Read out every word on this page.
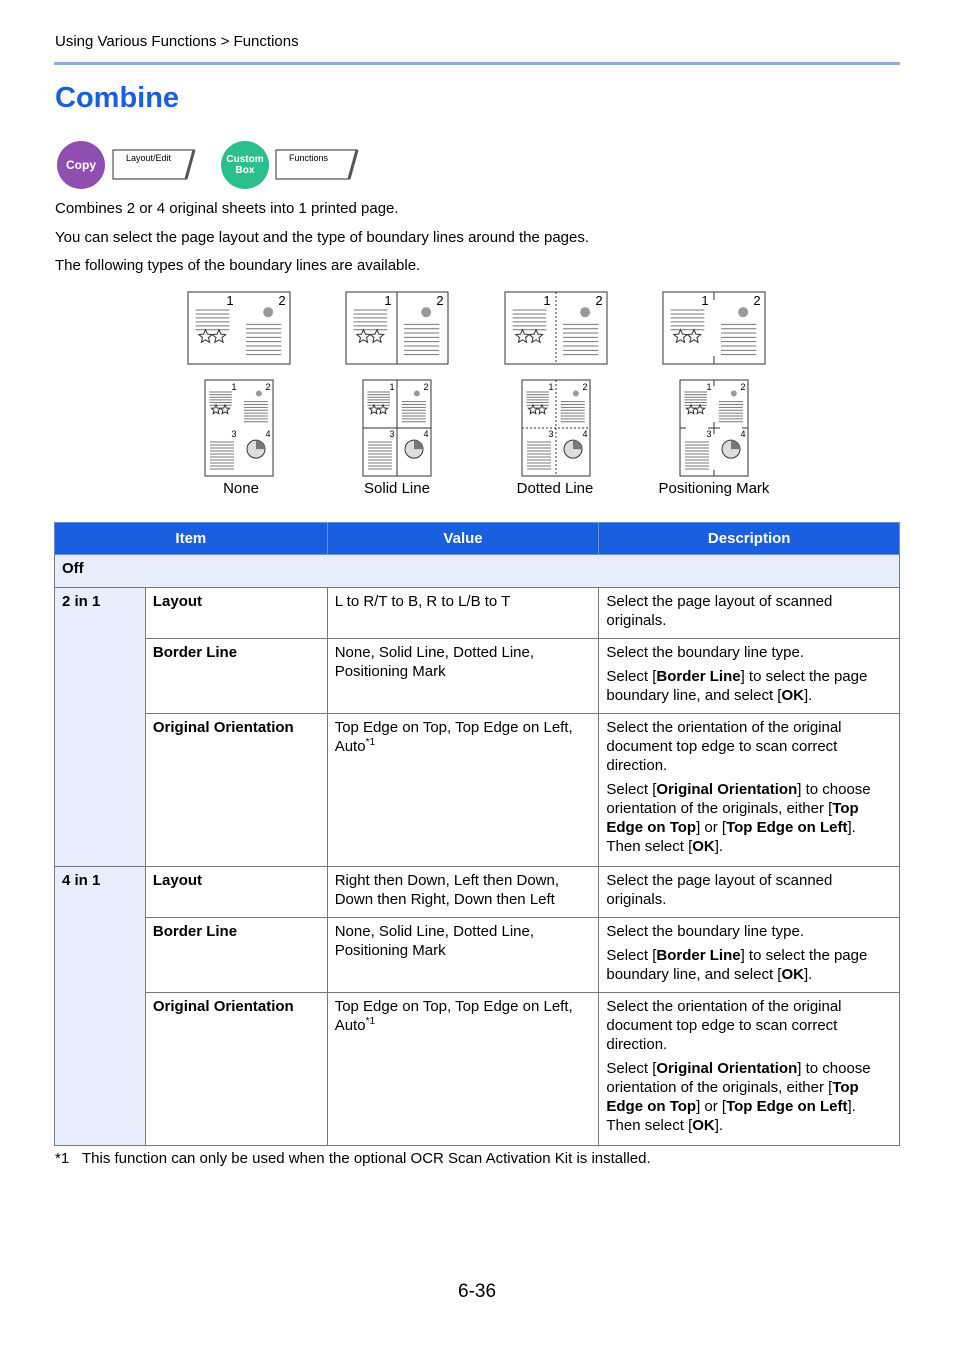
Using Various Functions > Functions
Combine
Copy	Layout/Edit	Custom
Box
Functions

Combines 2 or 4 original sheets into 1 printed page.

You can select the page layout and the type of boundary lines around the pages.

The following types of the boundary lines are available.

1	2
1	2
3	4
1	2
1	2
3	4
1	2
1	2
3	4
1	2
1	2
3	4
None	Solid Line	Dotted Line	Positioning Mark
Item		Value	Description
Off			
2 in 1	Layout	L to R/T to B, R to L/B to T	Select the page layout of scanned originals.

	Border Line	None, Solid Line, Dotted Line, Positioning Mark	Select the boundary line type.
Select [Border Line] to select the page boundary line, and select [OK].

	Original Orientation	Top Edge on Top, Top Edge on Left, Auto$^{*1}$	Select the orientation of the original document top edge to scan correct direction.
Select [Original Orientation] to choose orientation of the originals, either [Top Edge on Top] or [Top Edge on Left]. Then select [OK].

4 in 1	Layout	Right then Down, Left then Down, Down then Right, Down then Left	Select the page layout of scanned originals.

	Border Line	None, Solid Line, Dotted Line, Positioning Mark	Select the boundary line type.
Select [Border Line] to select the page boundary line, and select [OK].

	Original Orientation	Top Edge on Top, Top Edge on Left, Auto$^{*1}$	Select the orientation of the original document top edge to scan correct direction.
Select [Original Orientation] to choose orientation of the originals, either [Top Edge on Top] or [Top Edge on Left]. Then select [OK].
*1 This function can only be used when the optional OCR Scan Activation Kit is installed.
6-36
